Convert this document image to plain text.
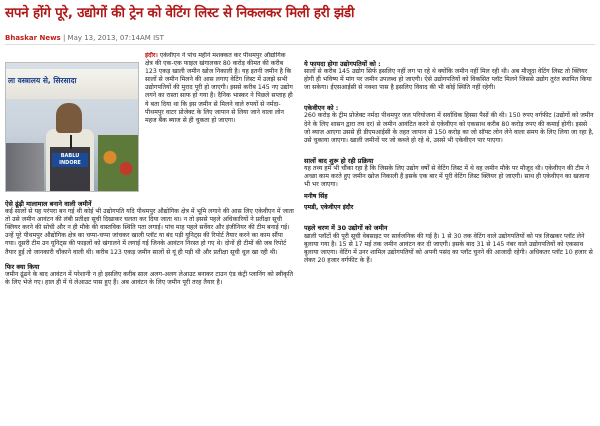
सपने होंगे पूरे, उद्योगों की ट्रेन को वेटिंग लिस्ट से निकलकर मिली हरी झंडी
Bhaskar News | May 13, 2013, 07:14AM IST
ला वस्त्रालय से, सिरसादा
BABLU INDORE

इंदौर। एकेवीएन ने पांच महीने मशक्कत कर पीथमपुर औद्योगिक क्षेत्र की एक-एक फाइल खंगालकर 80 करोड़ कीमत की करीब 123 एकड़ खाली जमीन खोज निकाली है। यह इतनी जमीन है कि सालों से जमीन मिलने की आस लगाए वेटिंग लिस्ट में उलझे सभी उद्योगपतियों की मुराद पूरी हो जाएगी। इससे करीब 145 नए उद्योग लगने का रास्ता साफ हो गया है। दैनिक भास्कर ने पिछले सप्ताह ही ये बता दिया था कि इस जमीन से मिलने वाले रुपयों से नर्मदा-पीथमपुर वाटर प्रोजेक्ट के लिए जापान से लिया जाने वाला लोन महज बैंक ब्याज से ही चुकता हो जाएगा।

ऐसे ढूंढ़ी मालामाल बनाने वाली जमीनें

कई सालों से यह परंपरा बन गई थी कोई भी उद्योगपति यदि पीथमपुर औद्योगिक क्षेत्र में भूमि लगाने की आस लिए एकेवीएन में जाता तो उसे जमीन आवंटन की लंबी प्रतीक्षा सूची दिखाकर चलता कर दिया जाता था। न तो इससे पहले अधिकारियों ने प्रतीक्षा सूची क्लियर करने की सोची और न ही मौके की वास्तविक स्थिति पता लगाई। पांच माह पहले सर्वेयर और इंजीनियर की टीम बनाई गई। उन्हें पूरे पीथमपुर औद्योगिक क्षेत्र का चप्पा-चप्पा जांचकर खाली प्लॉट या बंद पड़ी यूनिट्स की रिपोर्ट तैयार करने का काम सौंपा गया। दूसरी टीम उन यूनिट्स की फाइलों को खंगालने में लगाई गई जिनके आवंटन निरस्त हो गए थे। दोनों ही टीमों की जब रिपोर्ट तैयार हुई तो जानकारी चौंकाने वाली थी। करीब 123 एकड़ जमीन सालों से यूं ही पड़ी थी और प्रतीक्षा सूची धूल खा रही थी।

फिर क्या किया

जमीन ढूंढने के बाद आवंटन में परेशानी न हो इसलिए करीब साल अलग-अलग लेआउट बनाकर टाउन एंड कंट्री प्लानिंग को स्वीकृति के लिए भेजे गए। हाल ही में ये लेआउट पास हुए हैं। अब आवंटन के लिए जमीन पूरी तरह तैयार है।

ये फायदा होगा उद्योगपतियों को :

सालों से करीब 145 उद्योग सिर्फ इसलिए नहीं लग पा रहे थे क्योंकि जमीन नहीं मिल रही थी। अब मौजूदा वेटिंग लिस्ट तो क्लियर होगी ही भविष्य में मांग पर जमीन उपलब्ध हो जाएगी। ऐसे उद्योगपतियों को विकसित प्लॉट मिलने जिससे उद्योग तुरंत स्थापित किया जा सकेगा। ईएसआईसी से नक्शा पास है इसलिए विवाद की भी कोई स्थिति नहीं रहेगी।

एकेवीएन को :

260 करोड़ के ट्रीम प्रोजेक्ट नर्मदा पीथमपुर जल परियोजना में सर्वाधिक हिस्सा पैसों की थी। 150 रुपए वर्गफीट (उद्योगों को जमीन देने के लिए शासन द्वारा तय दर) से जमीन आवंटित करने से एकेवीएन को एकसाथ करीब 80 करोड़ रुपए की कमाई होगी। इससे जो ब्याज आएगा उससे ही डीएमआईसी के तहत जापान से 150 करोड़ का जो सॉफ्ट लोन लेने वाला समय के लिए लिया जा रहा है, उसे चुकाया जाएगा। खाली जमीनों पर जो कब्जे हो रहे थे, उससे भी एकेवीएन पार पाएगा।

सालों बाद शुरू हो रही प्रक्रिया

यह तथ्य हमें भी चौंका रहा है कि जिसके लिए उद्योग वर्षों से वेटिंग लिस्ट में थे वह जमीन मौके पर मौजूद थी। एकेवीएन की टीम ने अच्छा काम करते हुए जमीन खोज निकाली है इसके एक बार में पूरी वेटिंग लिस्ट क्लियर हो जाएगी। साथ ही एकेवीएन का खजाना भी भर जाएगा।

मनीष सिंह

एमडी, एकेवीएन इंदौर

पहले चरण में 30 उद्योगों को जमीन

खाली प्लॉटों की पूरी सूची वेबसाइट पर सार्वजनिक की गई है। 1 से 30 तक वेटिंग वाले उद्योगपतियों को पत्र लिखकर प्लॉट लेने बुलाया गया है। 15 से 17 मई तक जमीन आवंटन कर दी जाएगी। इसके बाद 31 से 145 नंबर वाले उद्योगपतियों को एकसाथ बुलाया जाएगा। वेटिंग में उनर शामिल उद्योगपतियों को अपनी पसंद का प्लॉट चुनने की आजादी रहेगी। अधिकतर प्लॉट 10 हजार से लेकर 20 हजार वर्गफीट के हैं।
